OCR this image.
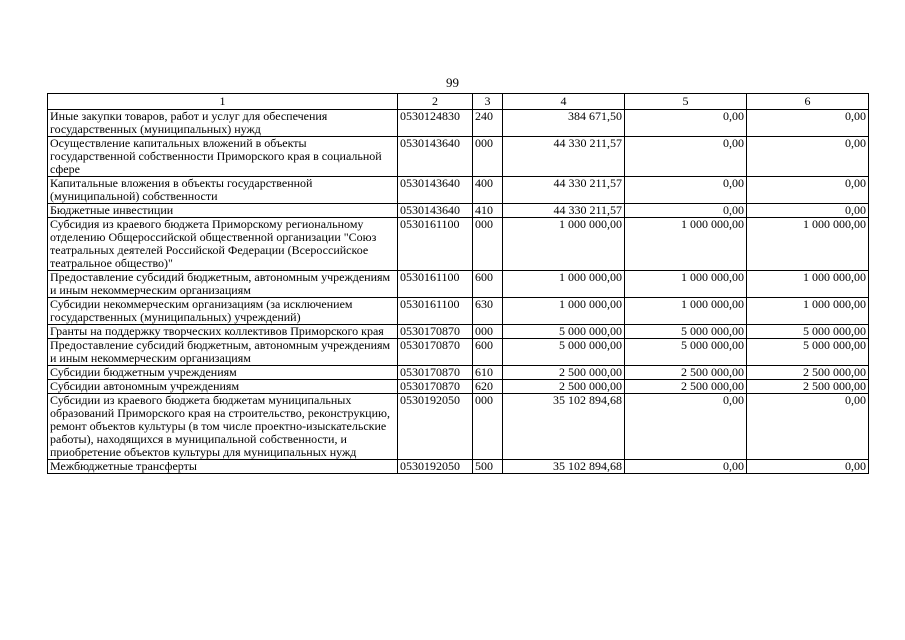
99
1	2	3	4	5	6
Иные закупки товаров, работ и услуг для обеспечения государственных (муниципальных) нужд	0530124830	240	384 671,50	0,00	0,00
Осуществление капитальных вложений в объекты государственной собственности Приморского края в социальной сфере	0530143640	000	44 330 211,57	0,00	0,00
Капитальные вложения в объекты государственной (муниципальной) собственности	0530143640	400	44 330 211,57	0,00	0,00
Бюджетные инвестиции	0530143640	410	44 330 211,57	0,00	0,00
Субсидия из краевого бюджета Приморскому региональному отделению Общероссийской общественной организации "Союз театральных деятелей Российской Федерации (Всероссийское театральное общество)"	0530161100	000	1 000 000,00	1 000 000,00	1 000 000,00
Предоставление субсидий бюджетным, автономным учреждениям и иным некоммерческим организациям	0530161100	600	1 000 000,00	1 000 000,00	1 000 000,00
Субсидии некоммерческим организациям (за исключением государственных (муниципальных) учреждений)	0530161100	630	1 000 000,00	1 000 000,00	1 000 000,00
Гранты на поддержку творческих коллективов Приморского края	0530170870	000	5 000 000,00	5 000 000,00	5 000 000,00
Предоставление субсидий бюджетным, автономным учреждениям и иным некоммерческим организациям	0530170870	600	5 000 000,00	5 000 000,00	5 000 000,00
Субсидии бюджетным учреждениям	0530170870	610	2 500 000,00	2 500 000,00	2 500 000,00
Субсидии автономным учреждениям	0530170870	620	2 500 000,00	2 500 000,00	2 500 000,00
Субсидии из краевого бюджета бюджетам муниципальных образований Приморского края на строительство, реконструкцию, ремонт объектов культуры (в том числе проектно-изыскательские работы), находящихся в муниципальной собственности, и приобретение объектов культуры для муниципальных нужд	0530192050	000	35 102 894,68	0,00	0,00
Межбюджетные трансферты	0530192050	500	35 102 894,68	0,00	0,00
